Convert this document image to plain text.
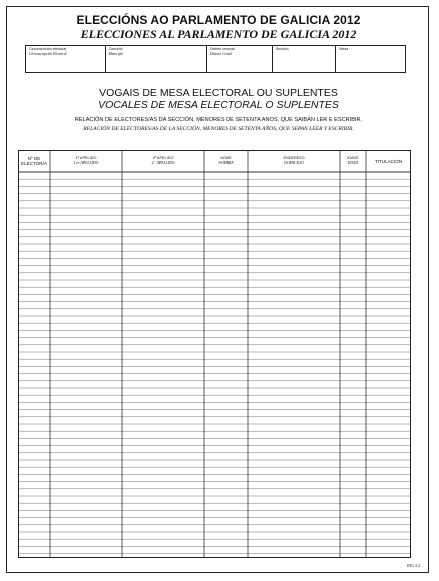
ELECCIÓNS AO PARLAMENTO DE GALICIA 2012
ELECCIONES AL PARLAMENTO DE GALICIA 2012
Circunscrición electoral
Circunscripción Electoral
Concello
Municipio
Distrito censual
Distrito Censal
Sección	Mesa
VOGAIS DE MESA ELECTORAL OU SUPLENTES
VOCALES DE MESA ELECTORAL O SUPLENTES
RELACIÓN DE ELECTORES/AS DA SECCIÓN, MENORES DE SETENTA ANOS, QUE SAIBAN LER E ESCRIBIR.
RELACIÓN DE ELECTORES/AS DE LA SECCIÓN, MENORES DE SETENTA AÑOS, QUE SEPAN LEER Y ESCRIBIR.
Nº DE
ELECTOR/A
1º APELIDO
1.er APELLIDO
2º APELIDO
2.º APELLIDO
NOME
NOMBRE
ENDEREZO
DOMICILIO
IDADE
EDAD	TITULACIÓN
ING 3.2
